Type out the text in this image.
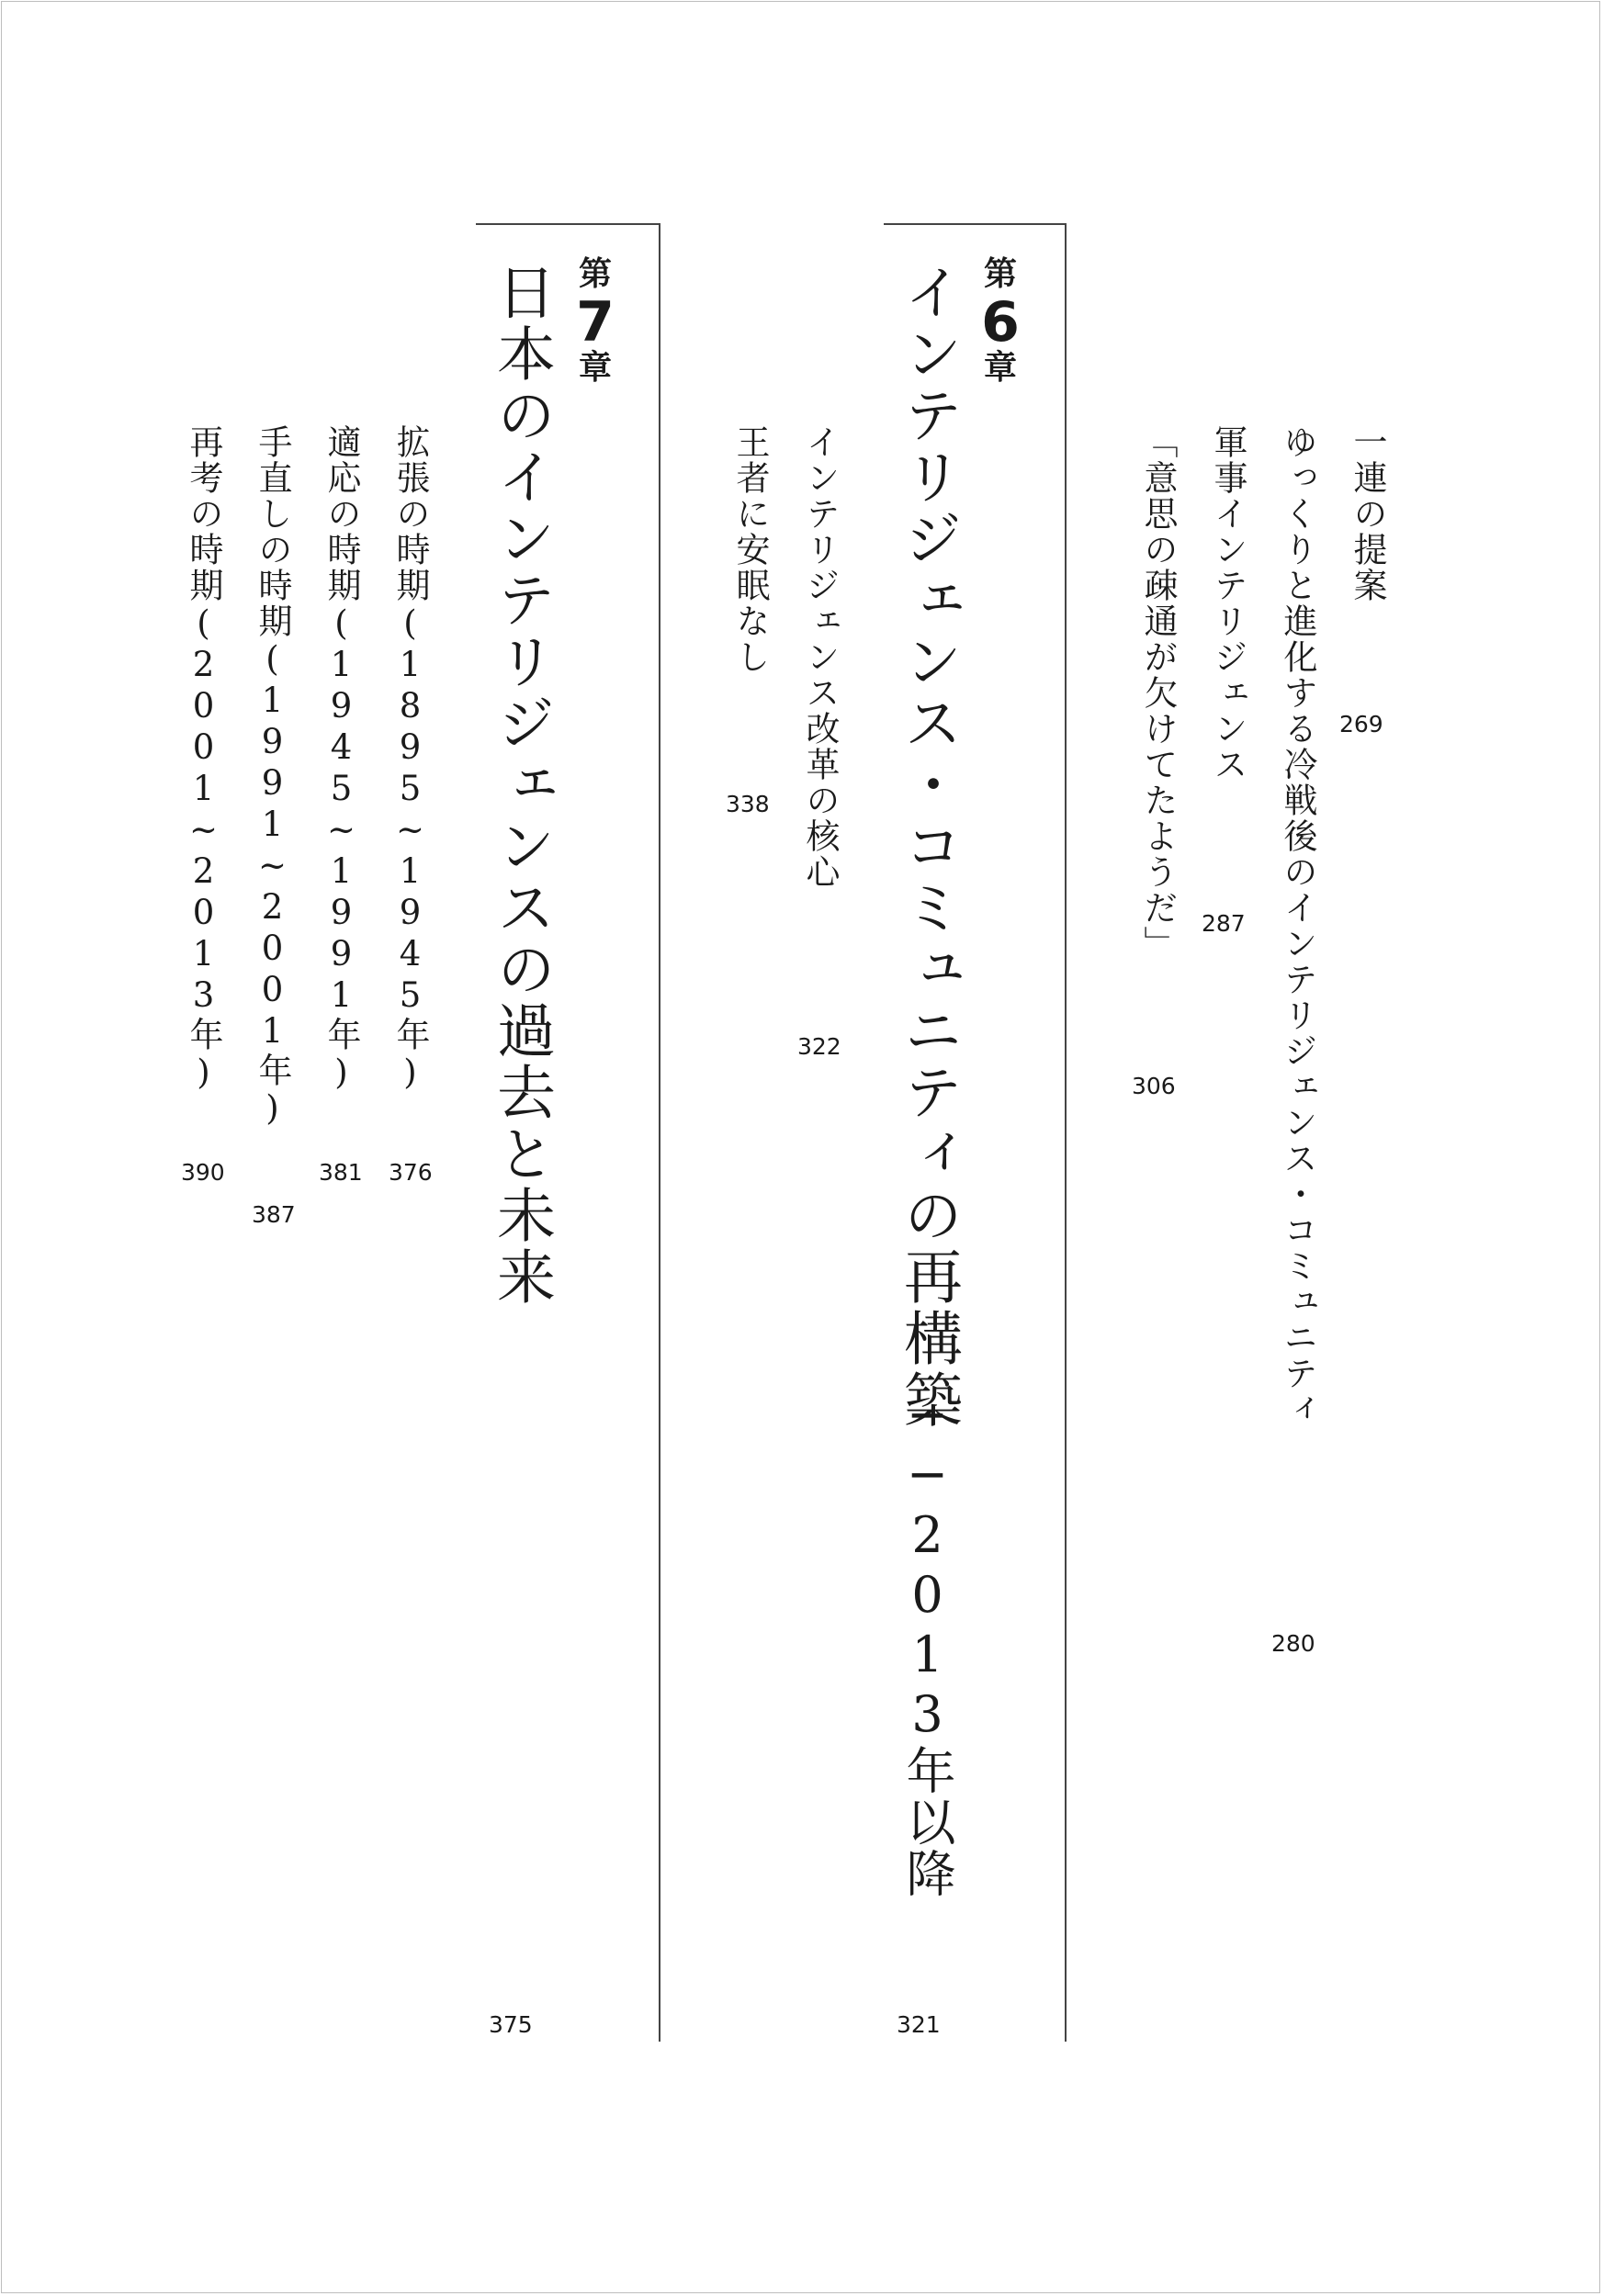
一連の提案
269
ゆっくりと進化する冷戦後のインテリジェンス・コミュニティ
280
軍事インテリジェンス
287
「意思の疎通が欠けてたようだ」
306
第
6
章
インテリジェンス・コミュニティの再構築
──2013年以降
321
インテリジェンス改革の核心
322
王者に安眠なし
338
第
7
章
日本のインテリジェンスの過去と未来
375
拡張の時期(1895~1945年)
376
適応の時期(1945~1991年)
381
手直しの時期(1991~2001年)
387
再考の時期(2001~2013年)
390
